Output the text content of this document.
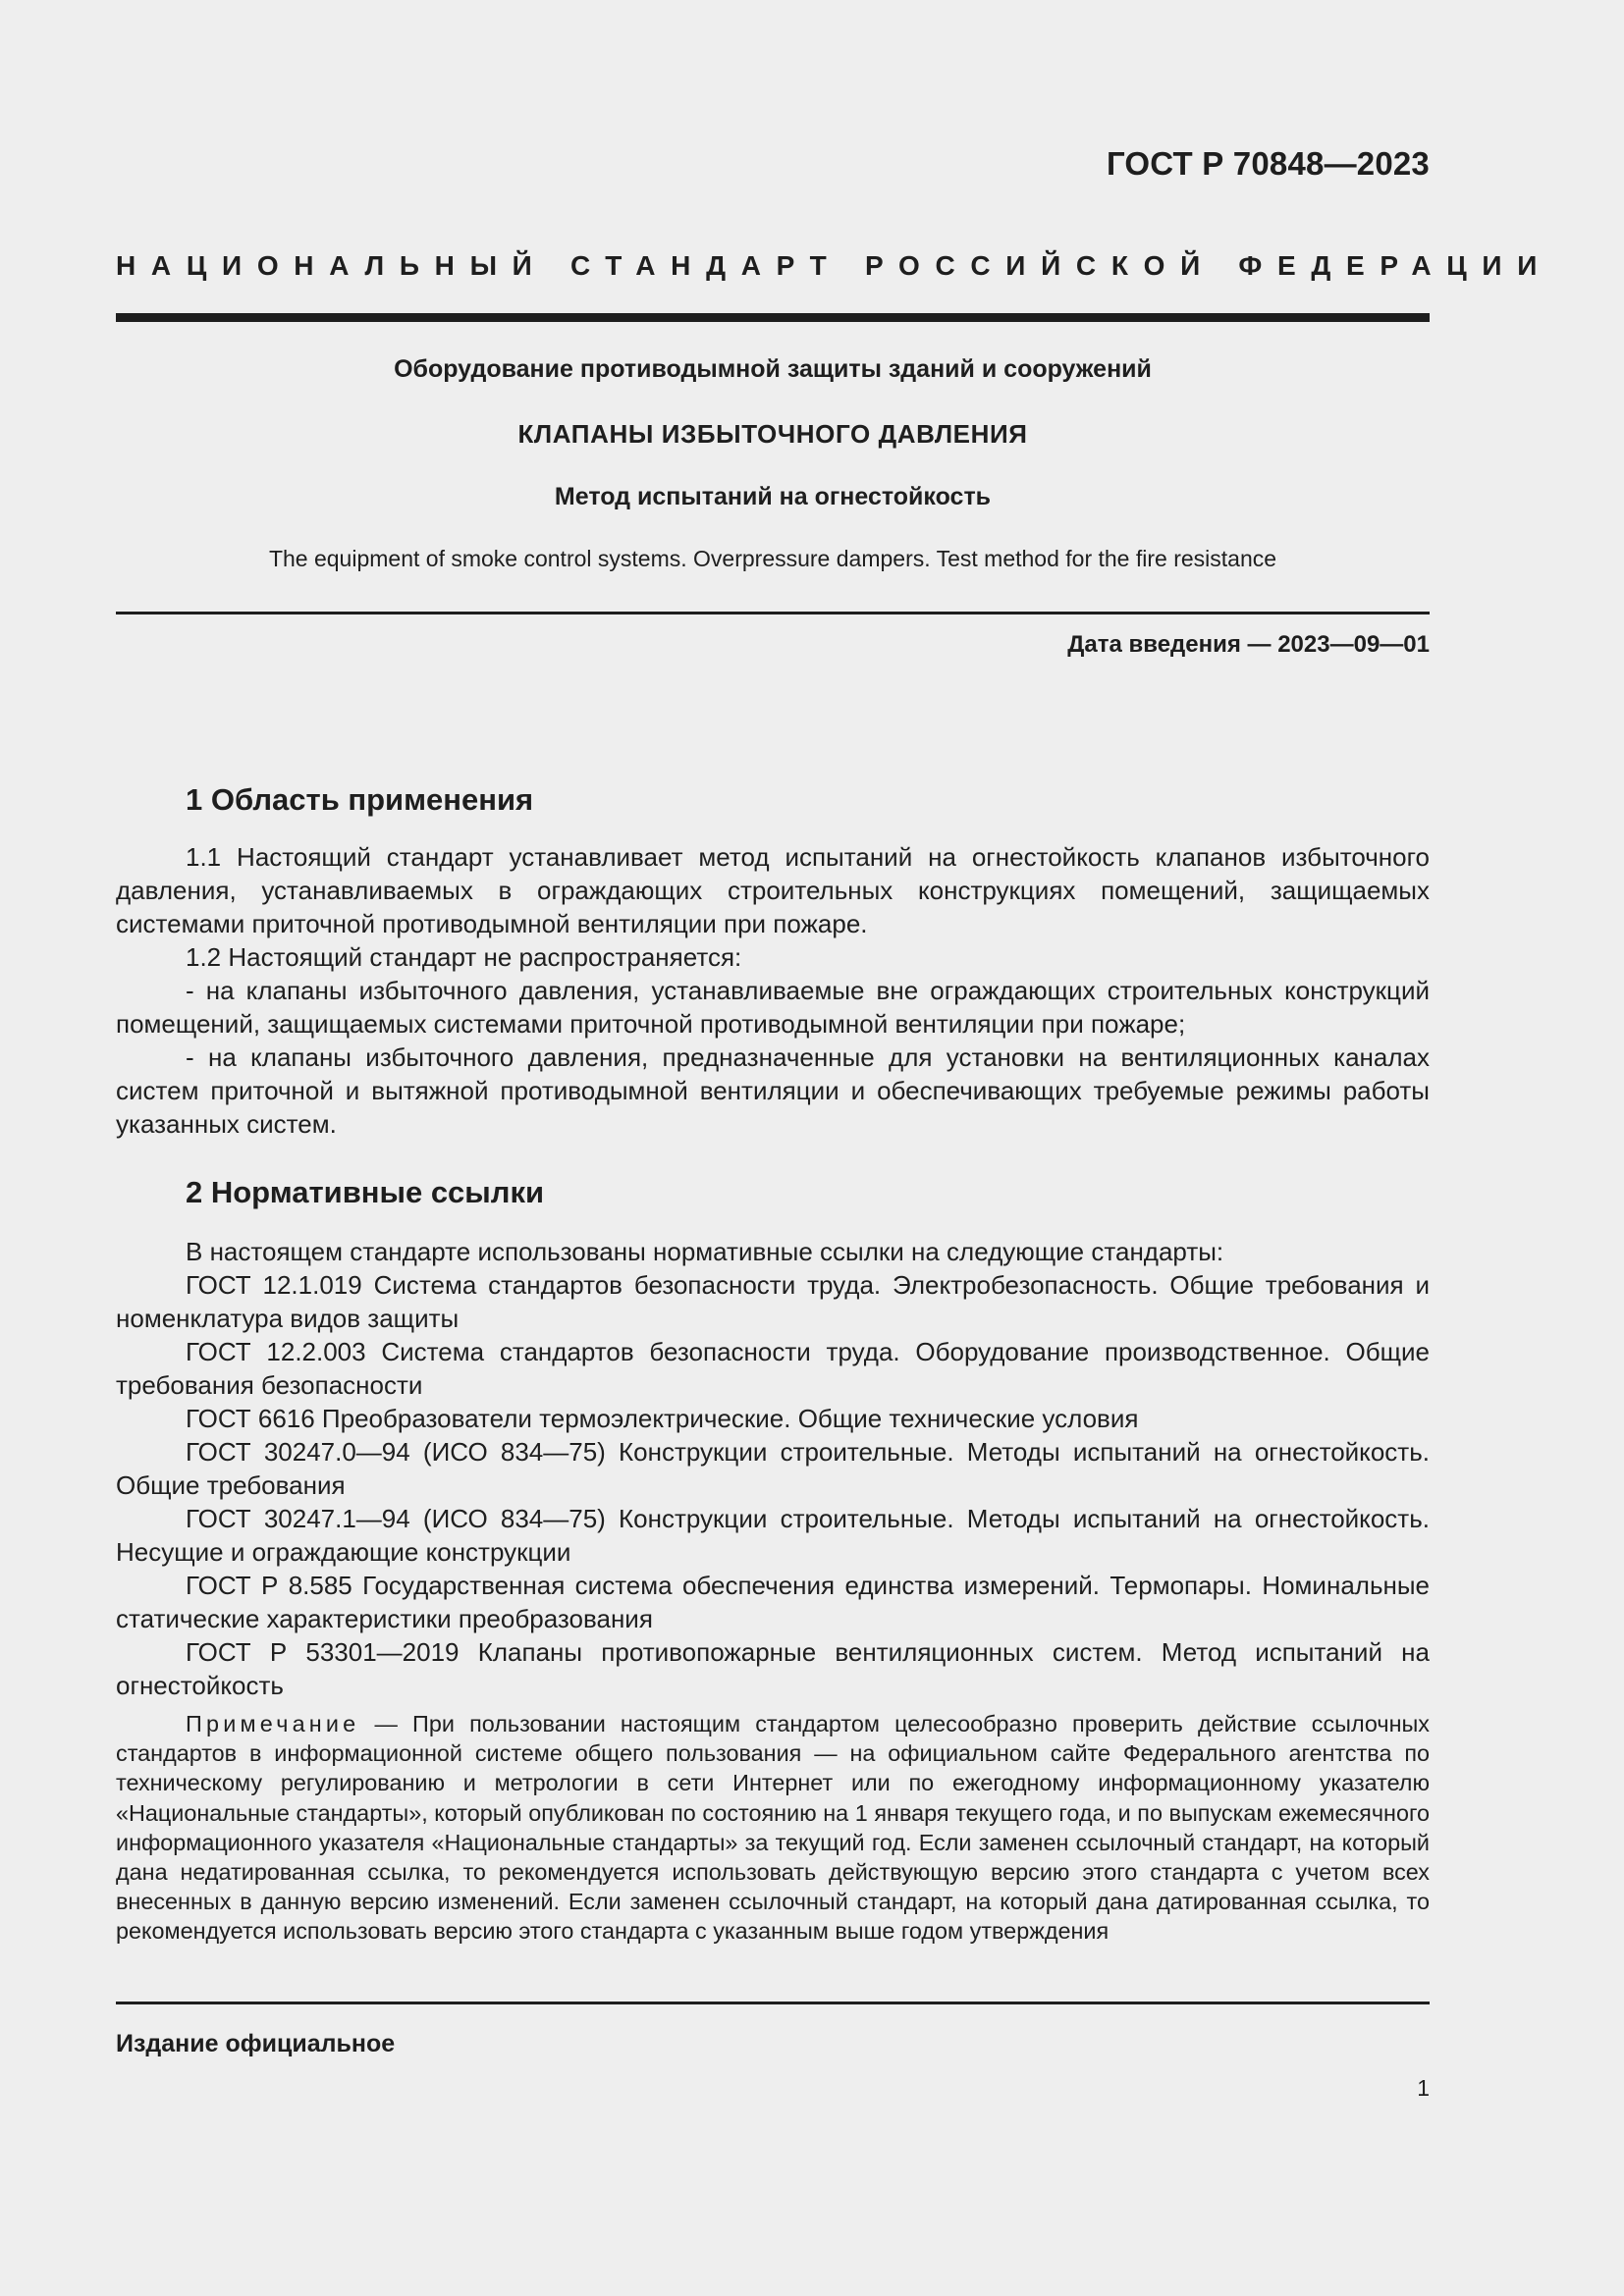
ГОСТ Р 70848—2023
НАЦИОНАЛЬНЫЙ СТАНДАРТ РОССИЙСКОЙ ФЕДЕРАЦИИ
Оборудование противодымной защиты зданий и сооружений
КЛАПАНЫ ИЗБЫТОЧНОГО ДАВЛЕНИЯ
Метод испытаний на огнестойкость
The equipment of smoke control systems. Overpressure dampers. Test method for the fire resistance
Дата введения — 2023—09—01
1 Область применения

1.1 Настоящий стандарт устанавливает метод испытаний на огнестойкость клапанов избыточного давления, устанавливаемых в ограждающих строительных конструкциях помещений, защищаемых системами приточной противодымной вентиляции при пожаре.

1.2 Настоящий стандарт не распространяется:

- на клапаны избыточного давления, устанавливаемые вне ограждающих строительных конструкций помещений, защищаемых системами приточной противодымной вентиляции при пожаре;

- на клапаны избыточного давления, предназначенные для установки на вентиляционных каналах систем приточной и вытяжной противодымной вентиляции и обеспечивающих требуемые режимы работы указанных систем.

2 Нормативные ссылки

В настоящем стандарте использованы нормативные ссылки на следующие стандарты:

ГОСТ 12.1.019 Система стандартов безопасности труда. Электробезопасность. Общие требования и номенклатура видов защиты

ГОСТ 12.2.003 Система стандартов безопасности труда. Оборудование производственное. Общие требования безопасности

ГОСТ 6616 Преобразователи термоэлектрические. Общие технические условия

ГОСТ 30247.0—94 (ИСО 834—75) Конструкции строительные. Методы испытаний на огнестойкость. Общие требования

ГОСТ 30247.1—94 (ИСО 834—75) Конструкции строительные. Методы испытаний на огнестойкость. Несущие и ограждающие конструкции

ГОСТ Р 8.585 Государственная система обеспечения единства измерений. Термопары. Номинальные статические характеристики преобразования

ГОСТ Р 53301—2019 Клапаны противопожарные вентиляционных систем. Метод испытаний на огнестойкость

Примечание — При пользовании настоящим стандартом целесообразно проверить действие ссылочных стандартов в информационной системе общего пользования — на официальном сайте Федерального агентства по техническому регулированию и метрологии в сети Интернет или по ежегодному информационному указателю «Национальные стандарты», который опубликован по состоянию на 1 января текущего года, и по выпускам ежемесячного информационного указателя «Национальные стандарты» за текущий год. Если заменен ссылочный стандарт, на который дана недатированная ссылка, то рекомендуется использовать действующую версию этого стандарта с учетом всех внесенных в данную версию изменений. Если заменен ссылочный стандарт, на который дана датированная ссылка, то рекомендуется использовать версию этого стандарта с указанным выше годом утверждения
Издание официальное
1
